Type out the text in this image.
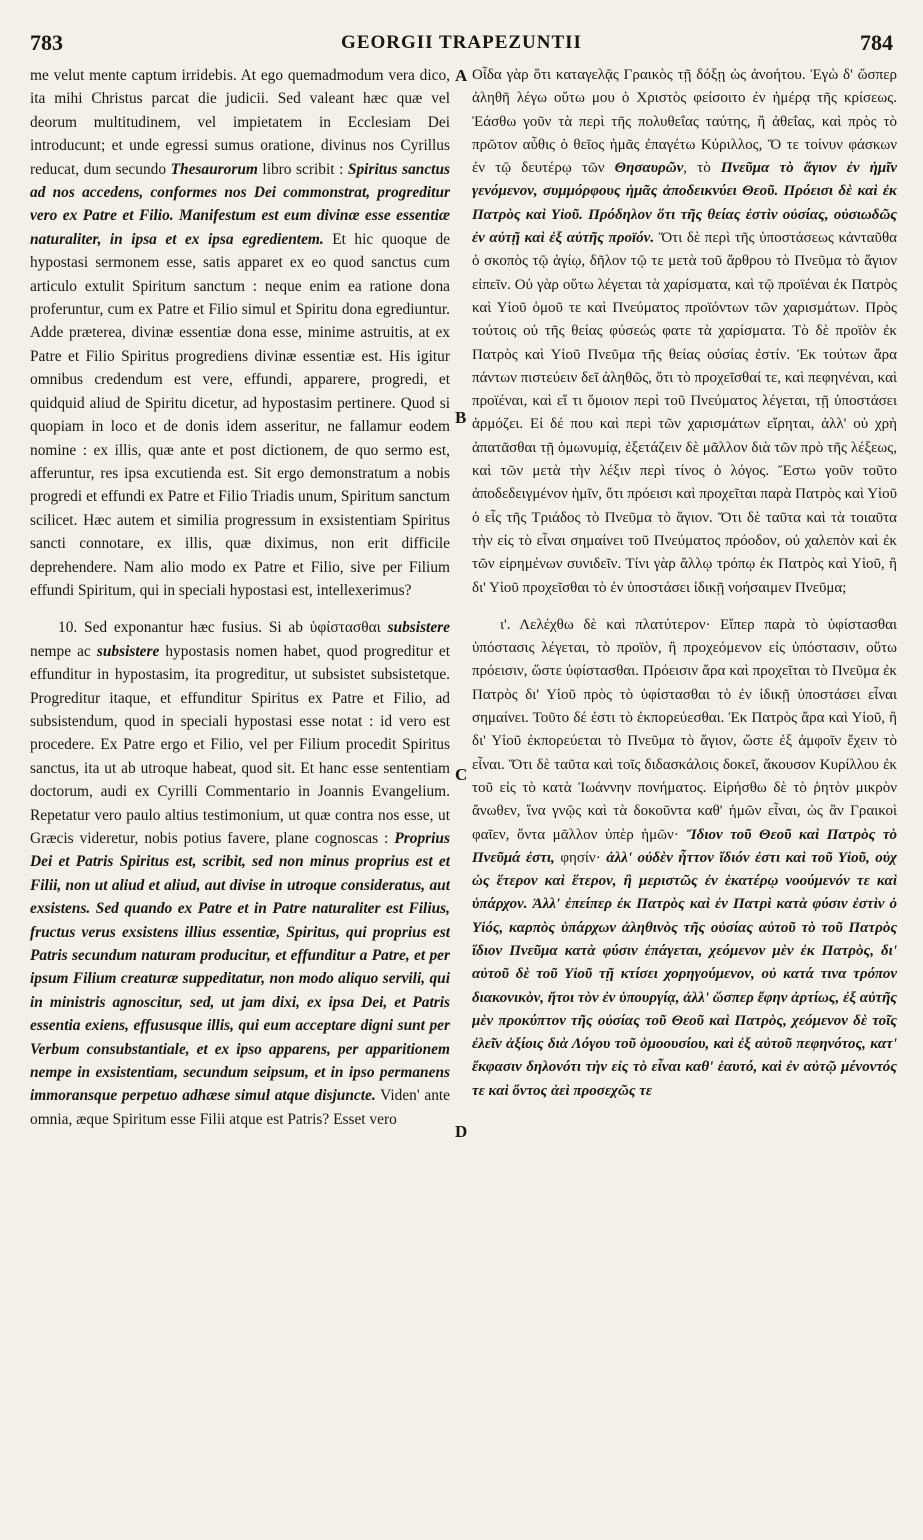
783	GEORGII TRAPEZUNTII	784
A
B
C
D

me velut mente captum irridebis. At ego quemadmodum vera dico, ita mihi Christus parcat die judicii. Sed valeant hæc quæ vel deorum multitudinem, vel impietatem in Ecclesiam Dei introducunt; et unde egressi sumus oratione, divinus nos Cyrillus reducat, dum secundo Thesaurorum libro scribit : Spiritus sanctus ad nos accedens, conformes nos Dei commonstrat, progreditur vero ex Patre et Filio. Manifestum est eum divinæ esse essentiæ naturaliter, in ipsa et ex ipsa egredientem. Et hic quoque de hypostasi sermonem esse, satis apparet ex eo quod sanctus cum articulo extulit Spiritum sanctum : neque enim ea ratione dona proferuntur, cum ex Patre et Filio simul et Spiritu dona egrediuntur. Adde præterea, divinæ essentiæ dona esse, minime astruitis, at ex Patre et Filio Spiritus progrediens divinæ essentiæ est. His igitur omnibus credendum est vere, effundi, apparere, progredi, et quidquid aliud de Spiritu dicetur, ad hypostasim pertinere. Quod si quopiam in loco et de donis idem asseritur, ne fallamur eodem nomine : ex illis, quæ ante et post dictionem, de quo sermo est, afferuntur, res ipsa excutienda est. Sit ergo demonstratum a nobis progredi et effundi ex Patre et Filio Triadis unum, Spiritum sanctum scilicet. Hæc autem et similia progressum in exsistentiam Spiritus sancti connotare, ex illis, quæ diximus, non erit difficile deprehendere. Nam alio modo ex Patre et Filio, sive per Filium effundi Spiritum, qui in speciali hypostasi est, intellexerimus?

10. Sed exponantur hæc fusius. Si ab ὑφίστασθαι subsistere nempe ac subsistere hypostasis nomen habet, quod progreditur et effunditur in hypostasim, ita progreditur, ut subsistet subsistetque. Progreditur itaque, et effunditur Spiritus ex Patre et Filio, ad subsistendum, quod in speciali hypostasi esse notat : id vero est procedere. Ex Patre ergo et Filio, vel per Filium procedit Spiritus sanctus, ita ut ab utroque habeat, quod sit. Et hanc esse sententiam doctorum, audi ex Cyrilli Commentario in Joannis Evangelium. Repetatur vero paulo altius testimonium, ut quæ contra nos esse, ut Græcis videretur, nobis potius favere, plane cognoscas : Proprius Dei et Patris Spiritus est, scribit, sed non minus proprius est et Filii, non ut aliud et aliud, aut divise in utroque consideratus, aut exsistens. Sed quando ex Patre et in Patre naturaliter est Filius, fructus verus exsistens illius essentiæ, Spiritus, qui proprius est Patris secundum naturam producitur, et effunditur a Patre, et per ipsum Filium creaturæ suppeditatur, non modo aliquo servili, qui in ministris agnoscitur, sed, ut jam dixi, ex ipsa Dei, et Patris essentia exiens, effususque illis, qui eum acceptare digni sunt per Verbum consubstantiale, et ex ipso apparens, per apparitionem nempe in exsistentiam, secundum seipsum, et in ipso permanens immoransque perpetuo adhæse simul atque disjuncte. Viden' ante omnia, æque Spiritum esse Filii atque est Patris? Esset vero

Οἶδα γὰρ ὅτι καταγελᾷς Γραικὸς τῇ δόξῃ ὡς ἀνοήτου. Ἐγὼ δ' ὥσπερ ἀληθῆ λέγω οὕτω μου ὁ Χριστὸς φείσοιτο ἐν ἡμέρᾳ τῆς κρίσεως. Ἐάσθω γοῦν τὰ περὶ τῆς πολυθεΐας ταύτης, ἢ ἀθεΐας, καὶ πρὸς τὸ πρῶτον αὖθις ὁ θεῖος ἡμᾶς ἐπαγέτω Κύριλλος, Ὅ τε τοίνυν φάσκων ἐν τῷ δευτέρῳ τῶν Θησαυρῶν, τὸ Πνεῦμα τὸ ἅγιον ἐν ἡμῖν γενόμενον, συμμόρφους ἡμᾶς ἀποδεικνύει Θεοῦ. Πρόεισι δὲ καὶ ἐκ Πατρὸς καὶ Υἱοῦ. Πρόδηλον ὅτι τῆς θείας ἐστὶν οὐσίας, οὐσιωδῶς ἐν αὐτῇ καὶ ἐξ αὐτῆς προϊόν. Ὅτι δὲ περὶ τῆς ὑποστάσεως κἀνταῦθα ὁ σκοπὸς τῷ ἁγίῳ, δῆλον τῷ τε μετὰ τοῦ ἄρθρου τὸ Πνεῦμα τὸ ἅγιον εἰπεῖν. Οὐ γὰρ οὕτω λέγεται τὰ χαρίσματα, καὶ τῷ προϊέναι ἐκ Πατρὸς καὶ Υἱοῦ ὁμοῦ τε καὶ Πνεύματος προϊόντων τῶν χαρισμάτων. Πρὸς τούτοις οὐ τῆς θείας φύσεώς φατε τὰ χαρίσματα. Τὸ δὲ προϊὸν ἐκ Πατρὸς καὶ Υἱοῦ Πνεῦμα τῆς θείας οὐσίας ἐστίν. Ἐκ τούτων ἄρα πάντων πιστεύειν δεῖ ἀληθῶς, ὅτι τὸ προχεῖσθαί τε, καὶ πεφηνέναι, καὶ προϊέναι, καὶ εἴ τι ὅμοιον περὶ τοῦ Πνεύματος λέγεται, τῇ ὑποστάσει ἁρμόζει. Εἰ δέ που καὶ περὶ τῶν χαρισμάτων εἴρηται, ἀλλ' οὐ χρὴ ἀπατᾶσθαι τῇ ὁμωνυμίᾳ, ἐξετάζειν δὲ μᾶλλον διὰ τῶν πρὸ τῆς λέξεως, καὶ τῶν μετὰ τὴν λέξιν περὶ τίνος ὁ λόγος. Ἔστω γοῦν τοῦτο ἀποδεδειγμένον ἡμῖν, ὅτι πρόεισι καὶ προχεῖται παρὰ Πατρὸς καὶ Υἱοῦ ὁ εἷς τῆς Τριάδος τὸ Πνεῦμα τὸ ἅγιον. Ὅτι δὲ ταῦτα καὶ τὰ τοιαῦτα τὴν εἰς τὸ εἶναι σημαίνει τοῦ Πνεύματος πρόοδον, οὐ χαλεπὸν καὶ ἐκ τῶν εἰρημένων συνιδεῖν. Τίνι γὰρ ἄλλῳ τρόπῳ ἐκ Πατρὸς καὶ Υἱοῦ, ἢ δι' Υἱοῦ προχεῖσθαι τὸ ἐν ὑποστάσει ἰδικῇ νοήσαιμεν Πνεῦμα;

ι'. Λελέχθω δὲ καὶ πλατύτερον· Εἴπερ παρὰ τὸ ὑφίστασθαι ὑπόστασις λέγεται, τὸ προϊὸν, ἢ προχεόμενον εἰς ὑπόστασιν, οὕτω πρόεισιν, ὥστε ὑφίστασθαι. Πρόεισιν ἄρα καὶ προχεῖται τὸ Πνεῦμα ἐκ Πατρὸς δι' Υἱοῦ πρὸς τὸ ὑφίστασθαι τὸ ἐν ἰδικῇ ὑποστάσει εἶναι σημαίνει. Τοῦτο δέ ἐστι τὸ ἐκπορεύεσθαι. Ἐκ Πατρὸς ἄρα καὶ Υἱοῦ, ἢ δι' Υἱοῦ ἐκπορεύεται τὸ Πνεῦμα τὸ ἅγιον, ὥστε ἐξ ἀμφοῖν ἔχειν τὸ εἶναι. Ὅτι δὲ ταῦτα καὶ τοῖς διδασκάλοις δοκεῖ, ἄκουσον Κυρίλλου ἐκ τοῦ εἰς τὸ κατὰ Ἰωάννην πονήματος. Εἰρήσθω δὲ τὸ ῥητὸν μικρὸν ἄνωθεν, ἵνα γνῷς καὶ τὰ δοκοῦντα καθ' ἡμῶν εἶναι, ὡς ἂν Γραικοὶ φαῖεν, ὄντα μᾶλλον ὑπὲρ ἡμῶν· Ἴδιον τοῦ Θεοῦ καὶ Πατρὸς τὸ Πνεῦμά ἐστι, φησίν· ἀλλ' οὐδὲν ἧττον ἴδιόν ἐστι καὶ τοῦ Υἱοῦ, οὐχ ὡς ἕτερον καὶ ἕτερον, ἢ μεριστῶς ἐν ἑκατέρῳ νοούμενόν τε καὶ ὑπάρχον. Ἀλλ' ἐπείπερ ἐκ Πατρὸς καὶ ἐν Πατρὶ κατὰ φύσιν ἐστὶν ὁ Υἱός, καρπὸς ὑπάρχων ἀληθινὸς τῆς οὐσίας αὐτοῦ τὸ τοῦ Πατρὸς ἴδιον Πνεῦμα κατὰ φύσιν ἐπάγεται, χεόμενον μὲν ἐκ Πατρὸς, δι' αὐτοῦ δὲ τοῦ Υἱοῦ τῇ κτίσει χορηγούμενον, οὐ κατά τινα τρόπον διακονικὸν, ἤτοι τὸν ἐν ὑπουργίᾳ, ἀλλ' ὥσπερ ἔφην ἀρτίως, ἐξ αὐτῆς μὲν προκύπτον τῆς οὐσίας τοῦ Θεοῦ καὶ Πατρὸς, χεόμενον δὲ τοῖς ἐλεῖν ἀξίοις διὰ Λόγου τοῦ ὁμοουσίου, καὶ ἐξ αὐτοῦ πεφηνότος, κατ' ἔκφασιν δηλονότι τὴν εἰς τὸ εἶναι καθ' ἑαυτό, καὶ ἐν αὐτῷ μένοντός τε καὶ ὄντος ἀεὶ προσεχῶς τε
